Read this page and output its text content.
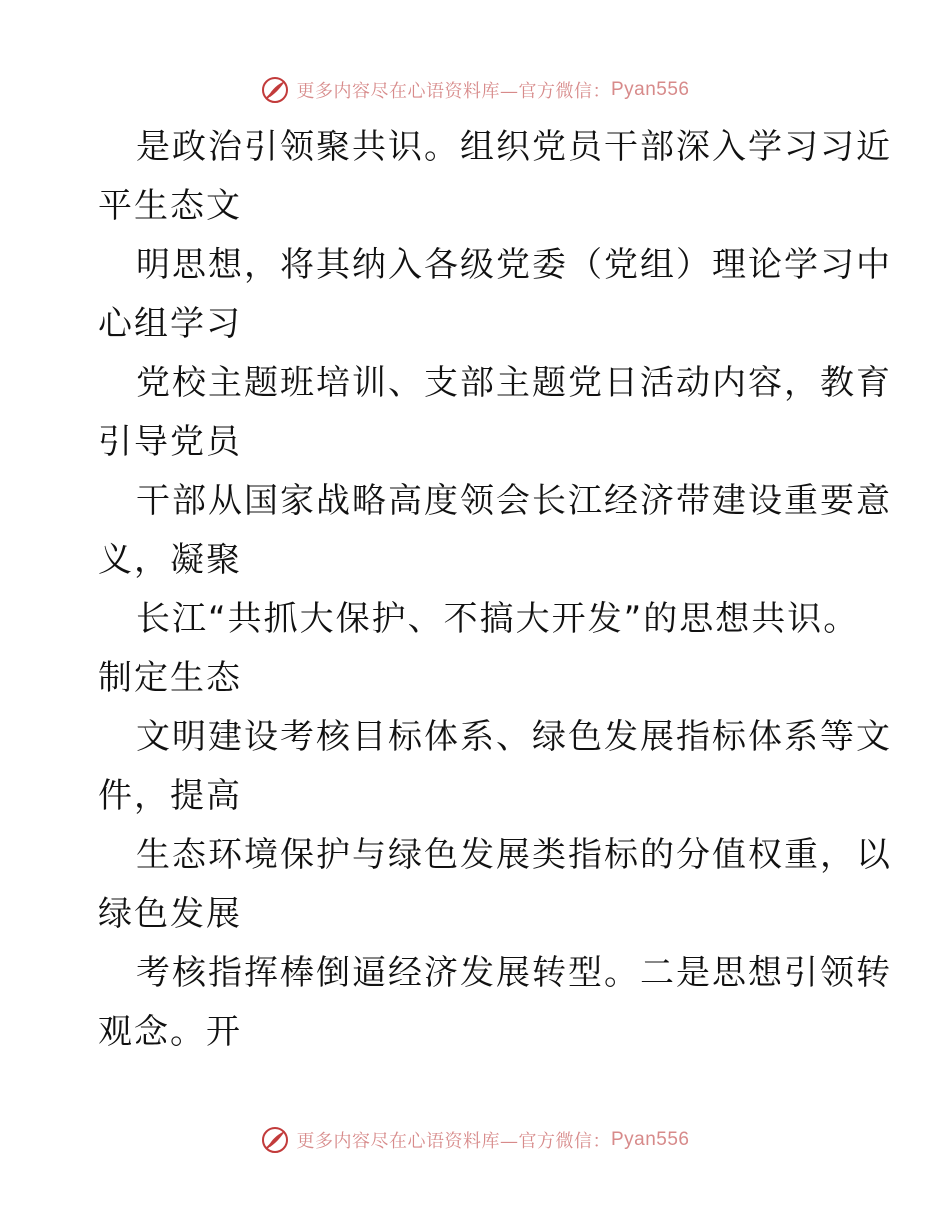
更多内容尽在心语资料库—官方微信： Pyan556
是政治引领聚共识。组织党员干部深入学习习近
平生态文
明思想，将其纳入各级党委（党组）理论学习中
心组学习
党校主题班培训、支部主题党日活动内容，教育
引导党员
干部从国家战略高度领会长江经济带建设重要意
义，凝聚
长江“共抓大保护、不搞大开发”的思想共识。
制定生态
文明建设考核目标体系、绿色发展指标体系等文
件，提高
生态环境保护与绿色发展类指标的分值权重，以
绿色发展
考核指挥棒倒逼经济发展转型。二是思想引领转
观念。开
更多内容尽在心语资料库—官方微信： Pyan556
